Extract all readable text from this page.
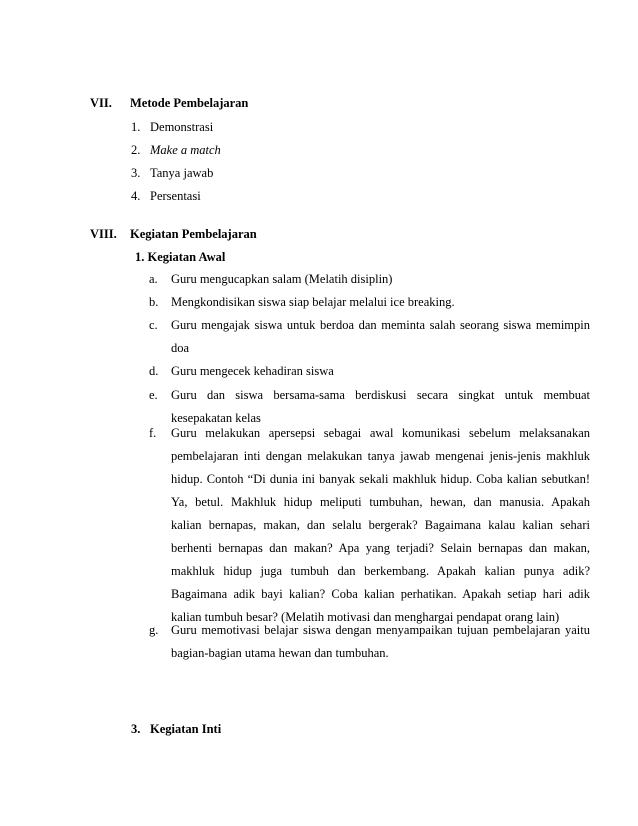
VII. Metode Pembelajaran
1. Demonstrasi
2. Make a match
3. Tanya jawab
4. Persentasi
VIII. Kegiatan Pembelajaran
1. Kegiatan Awal
a. Guru mengucapkan salam (Melatih disiplin)
b. Mengkondisikan siswa siap belajar melalui ice breaking.
c. Guru mengajak siswa untuk berdoa dan meminta salah seorang siswa memimpin
doa
d. Guru mengecek kehadiran siswa
e. Guru dan siswa bersama-sama berdiskusi secara singkat untuk membuat
kesepakatan kelas
f. Guru melakukan apersepsi sebagai awal komunikasi sebelum melaksanakan
pembelajaran inti dengan melakukan tanya jawab mengenai jenis-jenis makhluk
hidup. Contoh “Di dunia ini banyak sekali makhluk hidup. Coba kalian sebutkan!
Ya, betul. Makhluk hidup meliputi tumbuhan, hewan, dan manusia. Apakah
kalian bernapas, makan, dan selalu bergerak? Bagaimana kalau kalian sehari
berhenti bernapas dan makan? Apa yang terjadi? Selain bernapas dan makan,
makhluk hidup juga tumbuh dan berkembang. Apakah kalian punya adik?
Bagaimana adik bayi kalian? Coba kalian perhatikan. Apakah setiap hari adik
kalian tumbuh besar? (Melatih motivasi dan menghargai pendapat orang lain)
g. Guru memotivasi belajar siswa dengan menyampaikan tujuan pembelajaran yaitu
bagian-bagian utama hewan dan tumbuhan.
3. Kegiatan Inti
